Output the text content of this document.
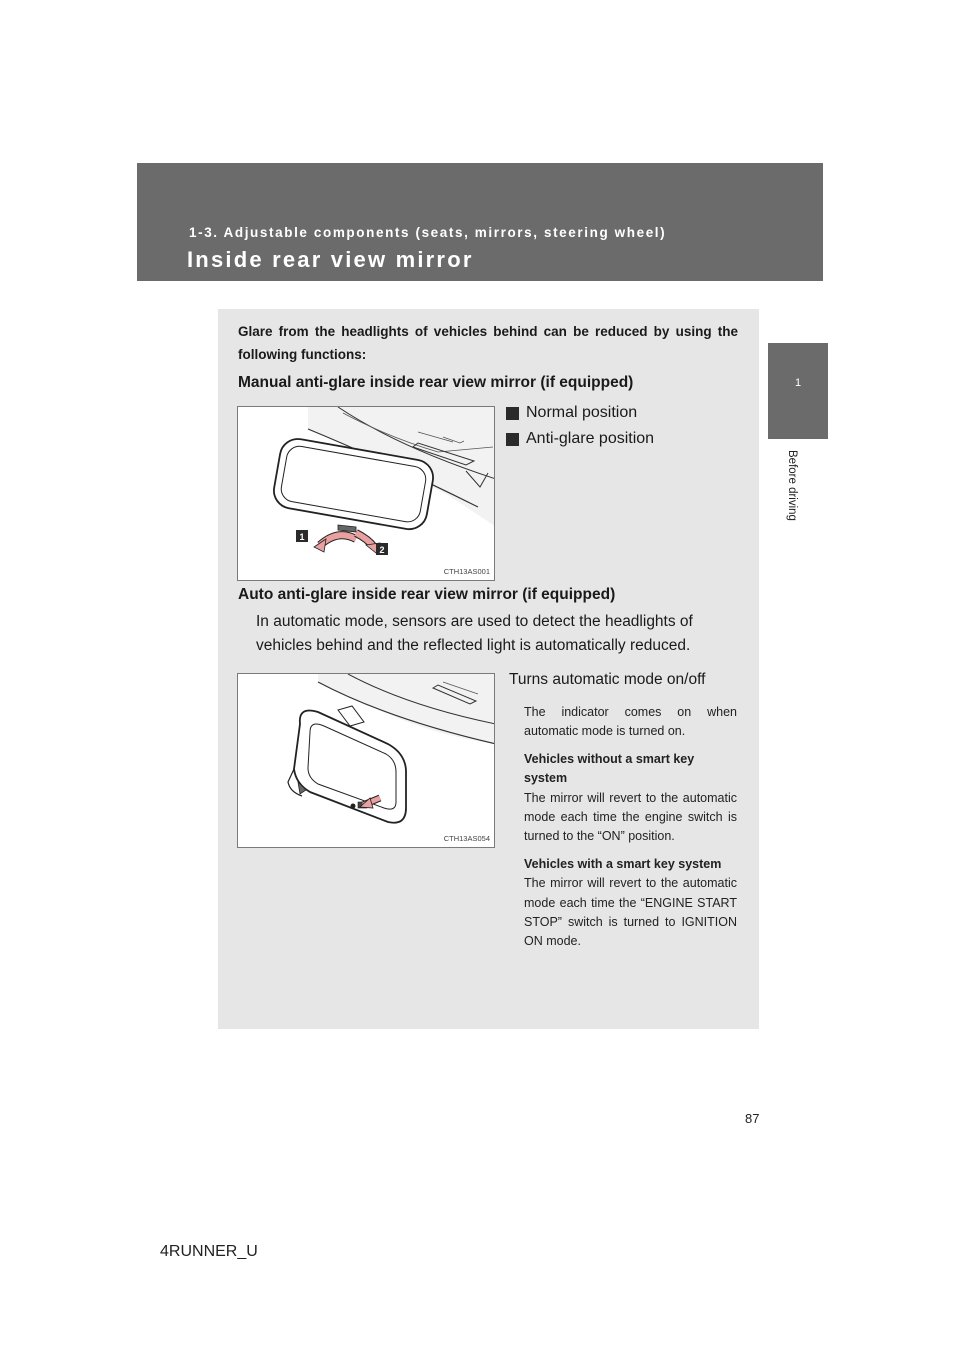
1-3. Adjustable components (seats, mirrors, steering wheel)
Inside rear view mirror
1
Before driving
Glare from the headlights of vehicles behind can be reduced by using the following functions:
Manual anti-glare inside rear view mirror (if equipped)
1
2
CTH13AS001
Normal position
Anti-glare position
Auto anti-glare inside rear view mirror (if equipped)
In automatic mode, sensors are used to detect the headlights of vehicles behind and the reflected light is automatically reduced.
CTH13AS054
Turns automatic mode on/off

The indicator comes on when automatic mode is turned on.

Vehicles without a smart key system

The mirror will revert to the automatic mode each time the engine switch is turned to the “ON” position.

Vehicles with a smart key system

The mirror will revert to the automatic mode each time the “ENGINE START STOP” switch is turned to IGNITION ON mode.

87
4RUNNER_U
